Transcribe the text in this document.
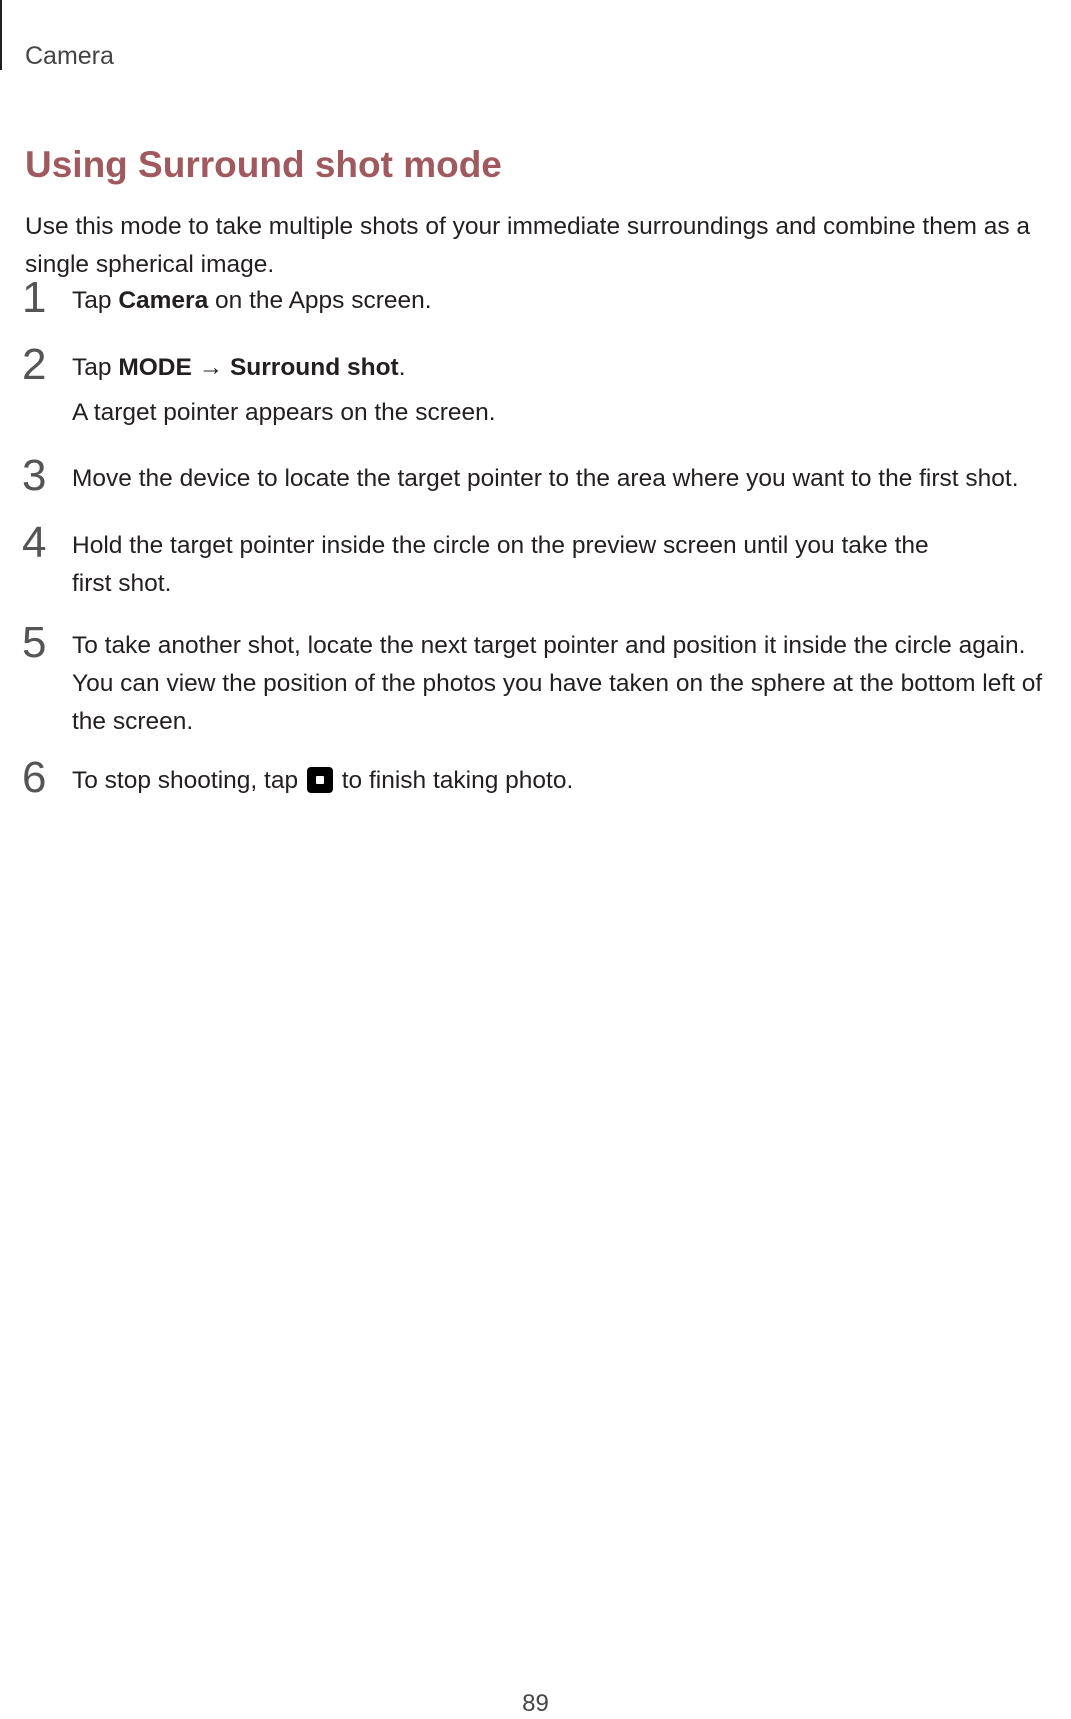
Camera
Using Surround shot mode

Use this mode to take multiple shots of your immediate surroundings and combine them as a single spherical image.

1 Tap Camera on the Apps screen.

2 Tap MODE → Surround shot.

A target pointer appears on the screen.

3 Move the device to locate the target pointer to the area where you want to the first shot.

4 Hold the target pointer inside the circle on the preview screen until you take the first shot.

5 To take another shot, locate the next target pointer and position it inside the circle again. You can view the position of the photos you have taken on the sphere at the bottom left of the screen.

6 To stop shooting, tap  to finish taking photo.

89
